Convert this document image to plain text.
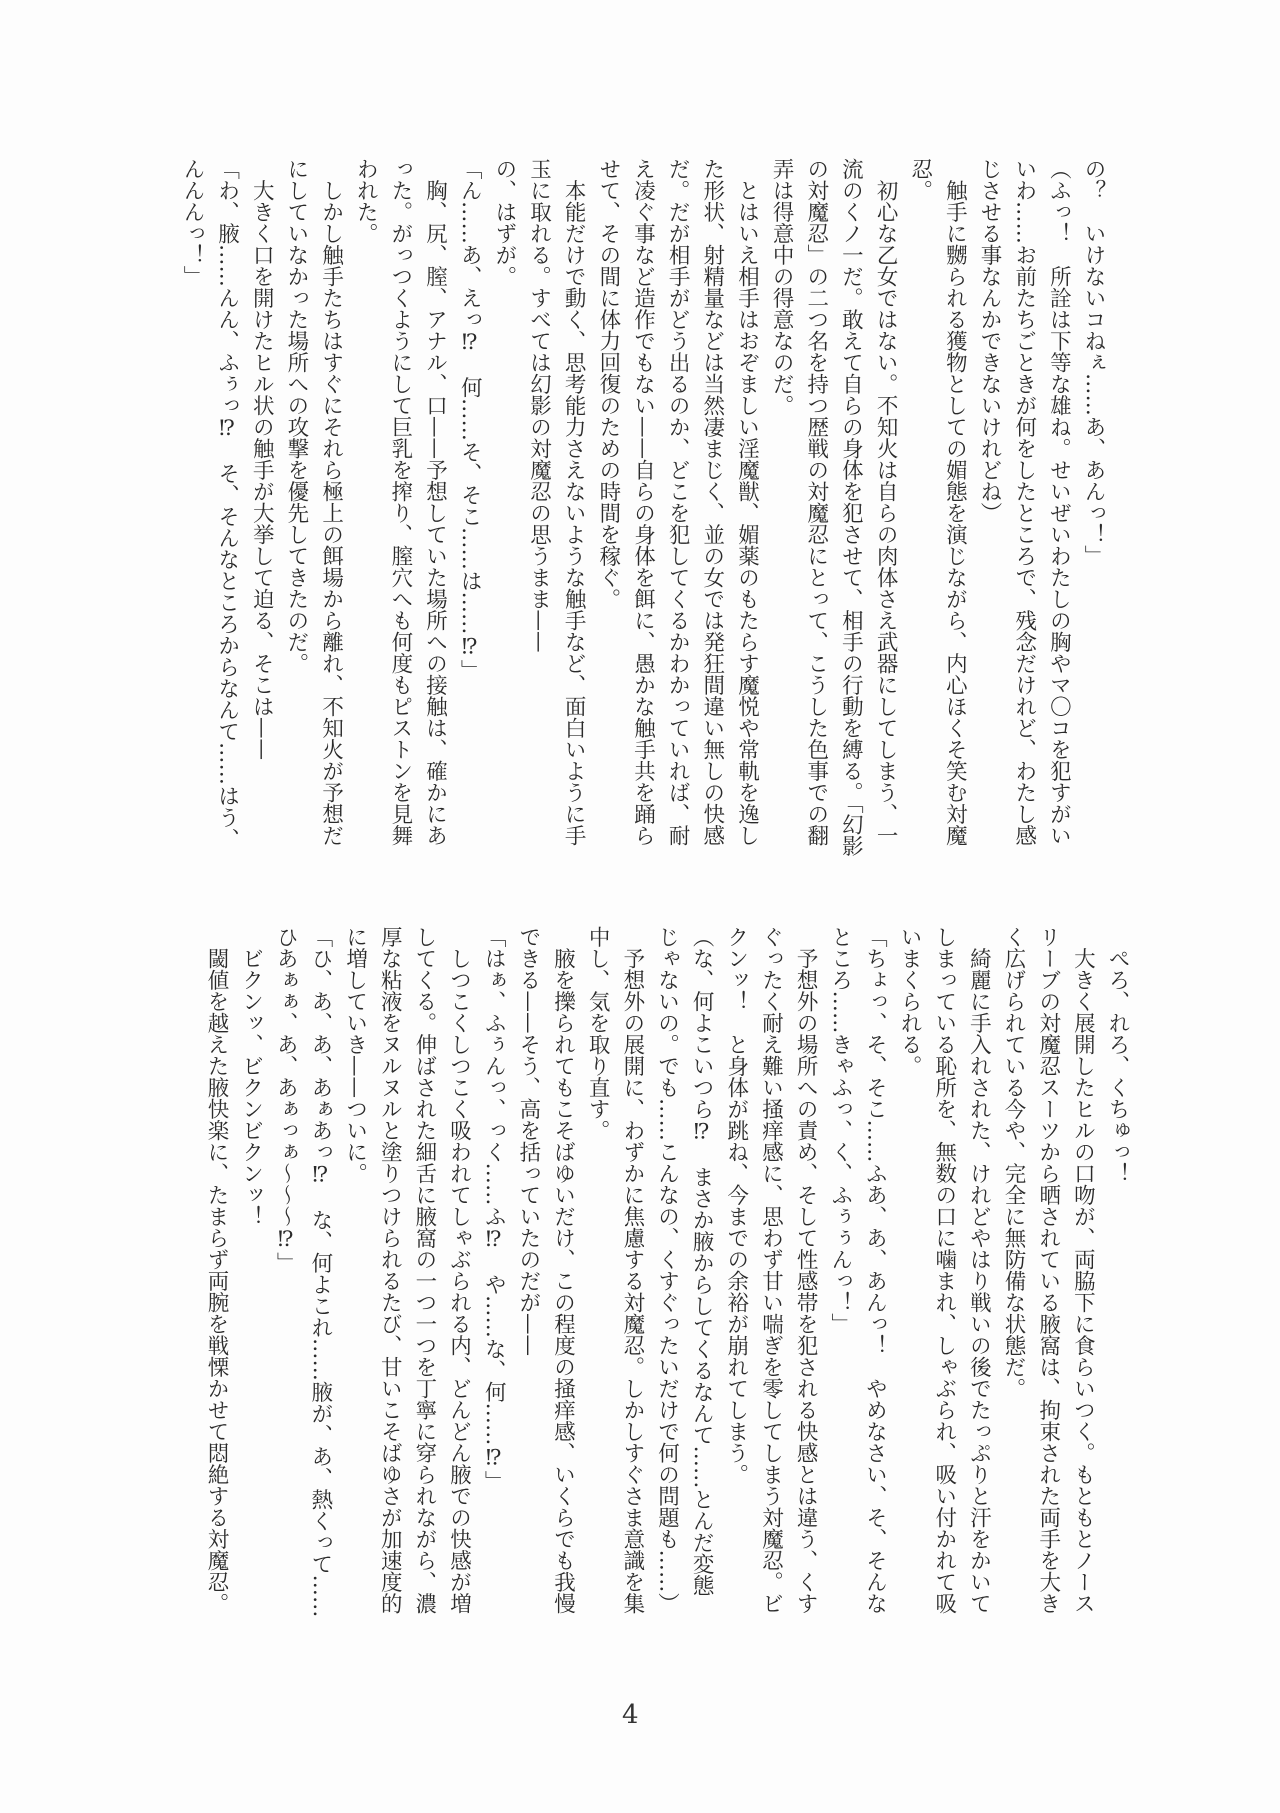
の？　いけないコねぇ……あ、あんっ！」
（ふっ！　所詮は下等な雄ね。せいぜいわたしの胸やマ〇コを犯すがい
いわ……お前たちごときが何をしたところで、残念だけれど、わたし感
じさせる事なんかできないけれどね）
　触手に嬲られる獲物としての媚態を演じながら、内心ほくそ笑む対魔
忍。
　初心な乙女ではない。不知火は自らの肉体さえ武器にしてしまう、一
流のくノ一だ。敢えて自らの身体を犯させて、相手の行動を縛る。「幻影
の対魔忍」の二つ名を持つ歴戦の対魔忍にとって、こうした色事での翻
弄は得意中の得意なのだ。
　とはいえ相手はおぞましい淫魔獣、媚薬のもたらす魔悦や常軌を逸し
た形状、射精量などは当然凄まじく、並の女では発狂間違い無しの快感
だ。だが相手がどう出るのか、どこを犯してくるかわかっていれば、耐
え凌ぐ事など造作でもない——自らの身体を餌に、愚かな触手共を踊ら
せて、その間に体力回復のための時間を稼ぐ。
　本能だけで動く、思考能力さえないような触手など、面白いように手
玉に取れる。すべては幻影の対魔忍の思うまま——
の、はずが。
「ん……あ、えっ⁉　何……そ、そこ……は……⁉」
　胸、尻、膣、アナル、口——予想していた場所への接触は、確かにあ
った。がっつくようにして巨乳を搾り、膣穴へも何度もピストンを見舞
われた。
　しかし触手たちはすぐにそれら極上の餌場から離れ、不知火が予想だ
にしていなかった場所への攻撃を優先してきたのだ。
　大きく口を開けたヒル状の触手が大挙して迫る、そこは——
「わ、腋……んん、ふぅっ⁉　そ、そんなところからなんて……はう、
んんんっ！」
　ぺろ、れろ、くちゅっ！
　大きく展開したヒルの口吻が、両脇下に食らいつく。もともとノース
リーブの対魔忍スーツから晒されている腋窩は、拘束された両手を大き
く広げられている今や、完全に無防備な状態だ。
　綺麗に手入れされた、けれどやはり戦いの後でたっぷりと汗をかいて
しまっている恥所を、無数の口に噛まれ、しゃぶられ、吸い付かれて吸
いまくられる。
「ちょっ、そ、そこ……ふあ、あ、あんっ！　やめなさい、そ、そんな
ところ……きゃふっ、く、ふぅぅんっ！」
　予想外の場所への責め、そして性感帯を犯される快感とは違う、くす
ぐったく耐え難い掻痒感に、思わず甘い喘ぎを零してしまう対魔忍。ビ
クンッ！　と身体が跳ね、今までの余裕が崩れてしまう。
（な、何よこいつら⁉　まさか腋からしてくるなんて……とんだ変態
じゃないの。でも……こんなの、くすぐったいだけで何の問題も……）
　予想外の展開に、わずかに焦慮する対魔忍。しかしすぐさま意識を集
中し、気を取り直す。
　腋を擽られてもこそばゆいだけ、この程度の掻痒感、いくらでも我慢
できる——そう、高を括っていたのだが——
「はぁ、ふぅんっ、っく……ふ⁉　や……な、何……⁉」
　しつこくしつこく吸われてしゃぶられる内、どんどん腋での快感が増
してくる。伸ばされた細舌に腋窩の一つ一つを丁寧に穿られながら、濃
厚な粘液をヌルヌルと塗りつけられるたび、甘いこそばゆさが加速度的
に増していき——ついに。
「ひ、あ、あ、あぁあっ⁉　な、何よこれ……腋が、あ、熱くって……
ひあぁぁ、あ、あぁっぁ〜〜〜⁉」
　ビクンッ、ビクンビクンッ！
　閾値を越えた腋快楽に、たまらず両腕を戦慄かせて悶絶する対魔忍。
4
